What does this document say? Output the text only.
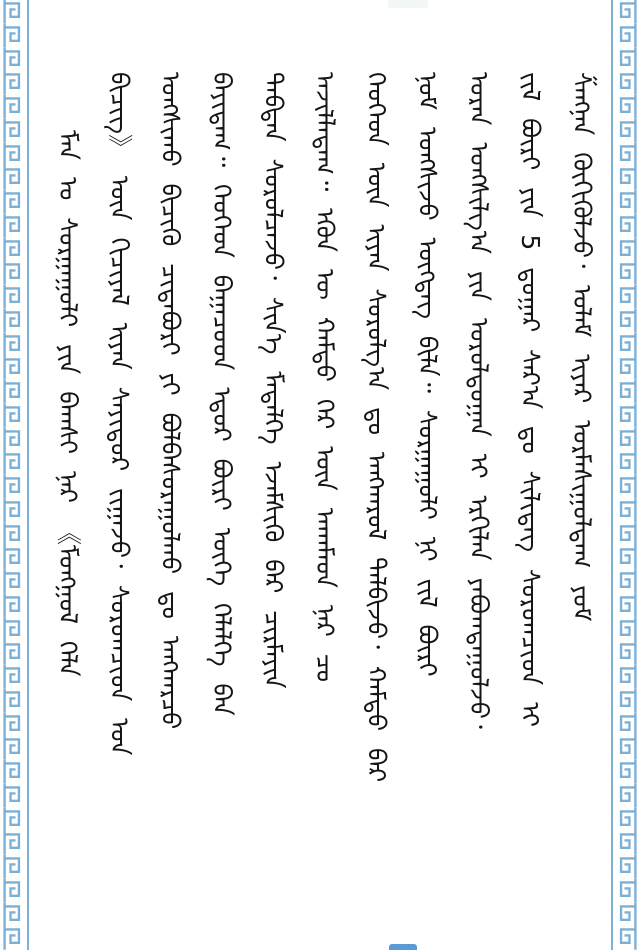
ᠮᠠᠨ ᠤ ᠰᠤᠷᠭᠠᠭᠤᠯᠢ ᠶᠢᠨ ᠪᠠᠭᠰᠢ ᠨᠠᠷ ︽ᠮᠣᠩᠭᠣᠯ ᠬᠡᠯᠡ ᠪᠢᠴᠢᠭ︾ ᠦᠨ ᠬᠢᠴᠢᠶᠡᠯ ᠢᠶᠡᠨ ᠰᠠᠶᠢᠲᠤᠷ ᠵᠢᠭᠠᠵᠤ᠂ ᠰᠤᠷᠤᠭᠴᠢᠳ ᠤᠨ ᠤᠩᠰᠢᠬᠤ ᠪᠢᠴᠢᠬᠦ ᠴᠢᠳᠠᠪᠤᠷᠢ ᠶᠢ ᠪᠣᠯᠪᠠᠰᠤᠷᠠᠭᠤᠯᠬᠤ ᠳᠤ ᠠᠩᠬᠠᠷᠴᠤ ᠪᠠᠶᠢᠳᠠᠭ᠃ ᠬᠡᠦᠬᠡᠳ ᠪᠠᠭᠠᠴᠤᠳ ᠡᠳᠦᠷ ᠪᠦᠷᠢ ᠦᠭᠡ ᠬᠡᠯᠡᠯᠭᠡ ᠪᠡᠨ ᠳᠠᠪᠲᠠᠨ ᠰᠤᠷᠤᠯᠴᠠᠵᠤ᠂ ᠰᠢᠨ᠎ᠡ ᠮᠡᠳᠡᠯᠭᠡ ᠡᠵᠡᠮᠰᠢᠬᠦ ᠪᠡᠷ ᠴᠢᠷᠮᠠᠶᠢᠨ ᠠᠵᠢᠯᠯᠠᠳᠠᠭ᠃ ᠡᠭᠦᠨ ᠦ ᠬᠠᠮᠲᠤ ᠭᠡᠷ ᠦᠨ ᠠᠬᠠᠮᠠᠳ ᠨᠠᠷ ᠴᠤ ᠬᠡᠦᠬᠡᠳ ᠦᠨ ᠢᠶᠡᠨ ᠰᠤᠷᠤᠯᠭ᠎ᠠ ᠳᠤ ᠠᠩᠬᠠᠷᠤᠯ ᠲᠠᠯᠪᠢᠵᠤ᠂ ᠬᠠᠮᠲᠤ ᠪᠠᠷ ᠨᠣᠮ ᠤᠩᠰᠢᠵᠤ ᠥᠭᠳᠡᠭ ᠪᠢᠯᠡ᠃ ᠰᠤᠷᠭᠠᠭᠤᠯᠢ ᠨᠢ ᠵᠢᠯ ᠪᠦᠷᠢ ᠤᠷᠠᠨ ᠤᠩᠰᠢᠯᠭ᠎ᠠ ᠶᠢᠨ ᠤᠷᠤᠯᠳᠤᠭᠠᠨ ᠢ ᠡᠷᠬᠢᠯᠡᠨ ᠶᠠᠪᠤᠭᠳᠠᠭᠤᠯᠵᠤ᠂ ᠵᠢᠯ ᠪᠦᠷᠢ ᠶᠢᠨ 5 ᠳ᠋ᠤᠭᠠᠷ ᠰᠠᠷ᠎ᠠ ᠳᠤ ᠰᠢᠯᠢᠳᠡᠭ ᠰᠤᠷᠤᠭᠴᠢᠳ ᠢ ᠱᠠᠩᠨᠠᠨ ᠬᠥᠬᠢᠭᠦᠯᠵᠦ᠂ ᠤᠯᠠᠮ ᠢᠶᠠᠷ ᠤᠷᠮᠠᠰᠢᠭᠤᠯᠳᠠᠭ ᠶᠤᠮ
